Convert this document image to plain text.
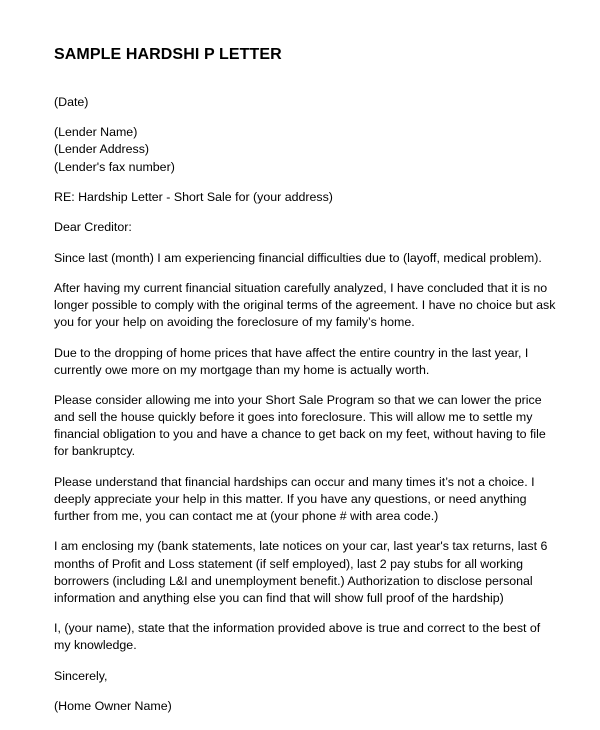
SAMPLE HARDSHI P LETTER

(Date)

(Lender Name)
(Lender Address)
(Lender's fax number)

RE: Hardship Letter - Short Sale for (your address)

Dear Creditor:

Since last (month) I am experiencing financial difficulties due to (layoff, medical problem).

After having my current financial situation carefully analyzed, I have concluded that it is no
longer possible to comply with the original terms of the agreement. I have no choice but ask
you for your help on avoiding the foreclosure of my family’s home.

Due to the dropping of home prices that have affect the entire country in the last year, I
currently owe more on my mortgage than my home is actually worth.

Please consider allowing me into your Short Sale Program so that we can lower the price
and sell the house quickly before it goes into foreclosure. This will allow me to settle my
financial obligation to you and have a chance to get back on my feet, without having to file
for bankruptcy.

Please understand that financial hardships can occur and many times it’s not a choice. I
deeply appreciate your help in this matter. If you have any questions, or need anything
further from me, you can contact me at (your phone # with area code.)

I am enclosing my (bank statements, late notices on your car, last year's tax returns, last 6
months of Profit and Loss statement (if self employed), last 2 pay stubs for all working
borrowers (including L&I and unemployment benefit.) Authorization to disclose personal
information and anything else you can find that will show full proof of the hardship)

I, (your name), state that the information provided above is true and correct to the best of
my knowledge.

Sincerely,

(Home Owner Name)
